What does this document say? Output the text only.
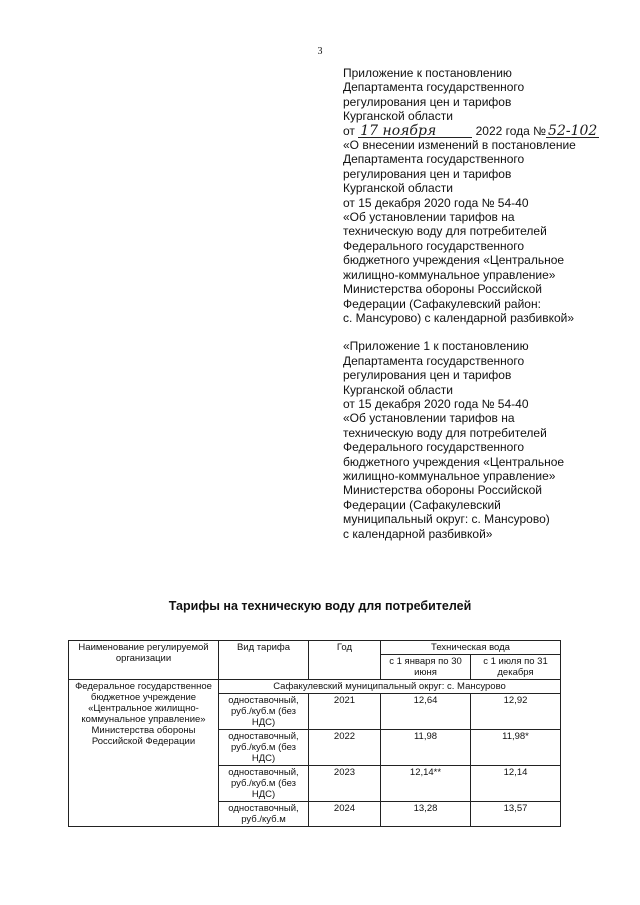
3

Приложение к постановлению

Департамента государственного

регулирования цен и тарифов

Курганской области

от 17 ноября	2022 года № 52-102

«О внесении изменений в постановление

Департамента государственного

регулирования цен и тарифов

Курганской области

от 15 декабря 2020 года № 54-40

«Об установлении тарифов на

техническую воду для потребителей

Федерального государственного

бюджетного учреждения «Центральное

жилищно-коммунальное управление»

Министерства обороны Российской

Федерации (Сафакулевский район:

с. Мансурово) с календарной разбивкой»

«Приложение 1 к постановлению

Департамента государственного

регулирования цен и тарифов

Курганской области

от 15 декабря 2020 года № 54-40

«Об установлении тарифов на

техническую воду для потребителей

Федерального государственного

бюджетного учреждения «Центральное

жилищно-коммунальное управление»

Министерства обороны Российской

Федерации (Сафакулевский

муниципальный округ: с. Мансурово)

с календарной разбивкой»

Тарифы на техническую воду для потребителей
Наименование регулируемой организации	Вид тарифа	Год	Техническая вода	
			с 1 января по 30 июня	с 1 июля по 31 декабря
Федеральное государственное бюджетное учреждение «Центральное жилищно-коммунальное управление» Министерства обороны Российской Федерации	Сафакулевский муниципальный округ: с. Мансурово			
	одноставочный, руб./куб.м (без НДС)	2021	12,64	12,92
	одноставочный, руб./куб.м (без НДС)	2022	11,98	11,98*
	одноставочный, руб./куб.м (без НДС)	2023	12,14**	12,14
	одноставочный, руб./куб.м	2024	13,28	13,57
